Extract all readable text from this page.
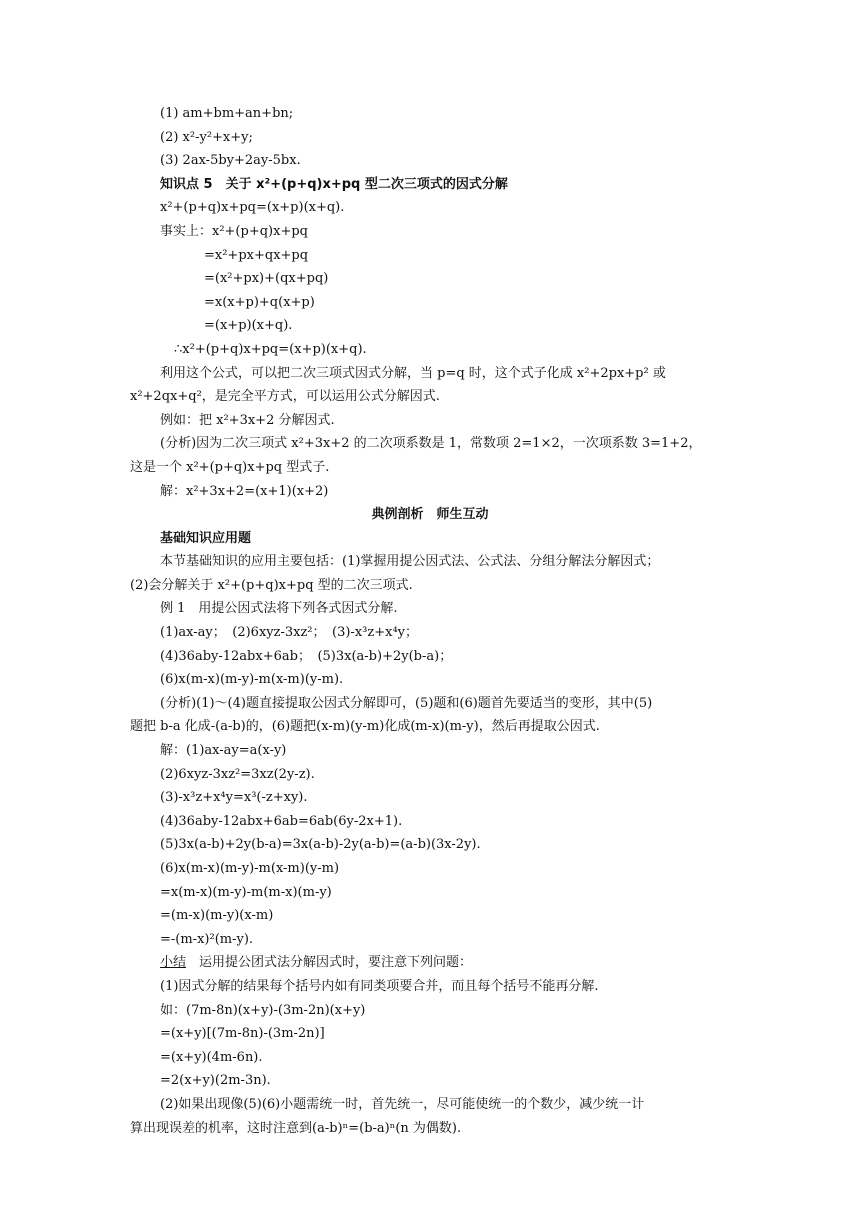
(1) am+bm+an+bn;
(2) x²-y²+x+y;
(3) 2ax-5by+2ay-5bx.
知识点 5　关于 x²+(p+q)x+pq 型二次三项式的因式分解
x²+(p+q)x+pq=(x+p)(x+q).
事实上：x²+(p+q)x+pq
=x²+px+qx+pq
=(x²+px)+(qx+pq)
=x(x+p)+q(x+p)
=(x+p)(x+q).
∴x²+(p+q)x+pq=(x+p)(x+q).
利用这个公式，可以把二次三项式因式分解，当 p=q 时，这个式子化成 x²+2px+p² 或
x²+2qx+q²，是完全平方式，可以运用公式分解因式.
例如：把 x²+3x+2 分解因式.
(分析)因为二次三项式 x²+3x+2 的二次项系数是 1，常数项 2=1×2，一次项系数 3=1+2，
这是一个 x²+(p+q)x+pq 型式子.
解：x²+3x+2=(x+1)(x+2)
典例剖析　师生互动
基础知识应用题
本节基础知识的应用主要包括：(1)掌握用提公因式法、公式法、分组分解法分解因式；
(2)会分解关于 x²+(p+q)x+pq 型的二次三项式.
例 1　用提公因式法将下列各式因式分解.
(1)ax-ay；　(2)6xyz-3xz²；　(3)-x³z+x⁴y；
(4)36aby-12abx+6ab；　(5)3x(a-b)+2y(b-a)；
(6)x(m-x)(m-y)-m(x-m)(y-m).
(分析)(1)～(4)题直接提取公因式分解即可，(5)题和(6)题首先要适当的变形，其中(5)
题把 b-a 化成-(a-b)的，(6)题把(x-m)(y-m)化成(m-x)(m-y)，然后再提取公因式.
解：(1)ax-ay=a(x-y)
(2)6xyz-3xz²=3xz(2y-z).
(3)-x³z+x⁴y=x³(-z+xy).
(4)36aby-12abx+6ab=6ab(6y-2x+1).
(5)3x(a-b)+2y(b-a)=3x(a-b)-2y(a-b)=(a-b)(3x-2y).
(6)x(m-x)(m-y)-m(x-m)(y-m)
=x(m-x)(m-y)-m(m-x)(m-y)
=(m-x)(m-y)(x-m)
=-(m-x)²(m-y).
小结　 运用提公团式法分解因式时，要注意下列问题：
(1)因式分解的结果每个括号内如有同类项要合并，而且每个括号不能再分解.
如：(7m-8n)(x+y)-(3m-2n)(x+y)
=(x+y)[(7m-8n)-(3m-2n)]
=(x+y)(4m-6n).
=2(x+y)(2m-3n).
(2)如果出现像(5)(6)小题需统一时，首先统一，尽可能使统一的个数少，减少统一计
算出现误差的机率，这时注意到(a-b)ⁿ=(b-a)ⁿ(n 为偶数).
